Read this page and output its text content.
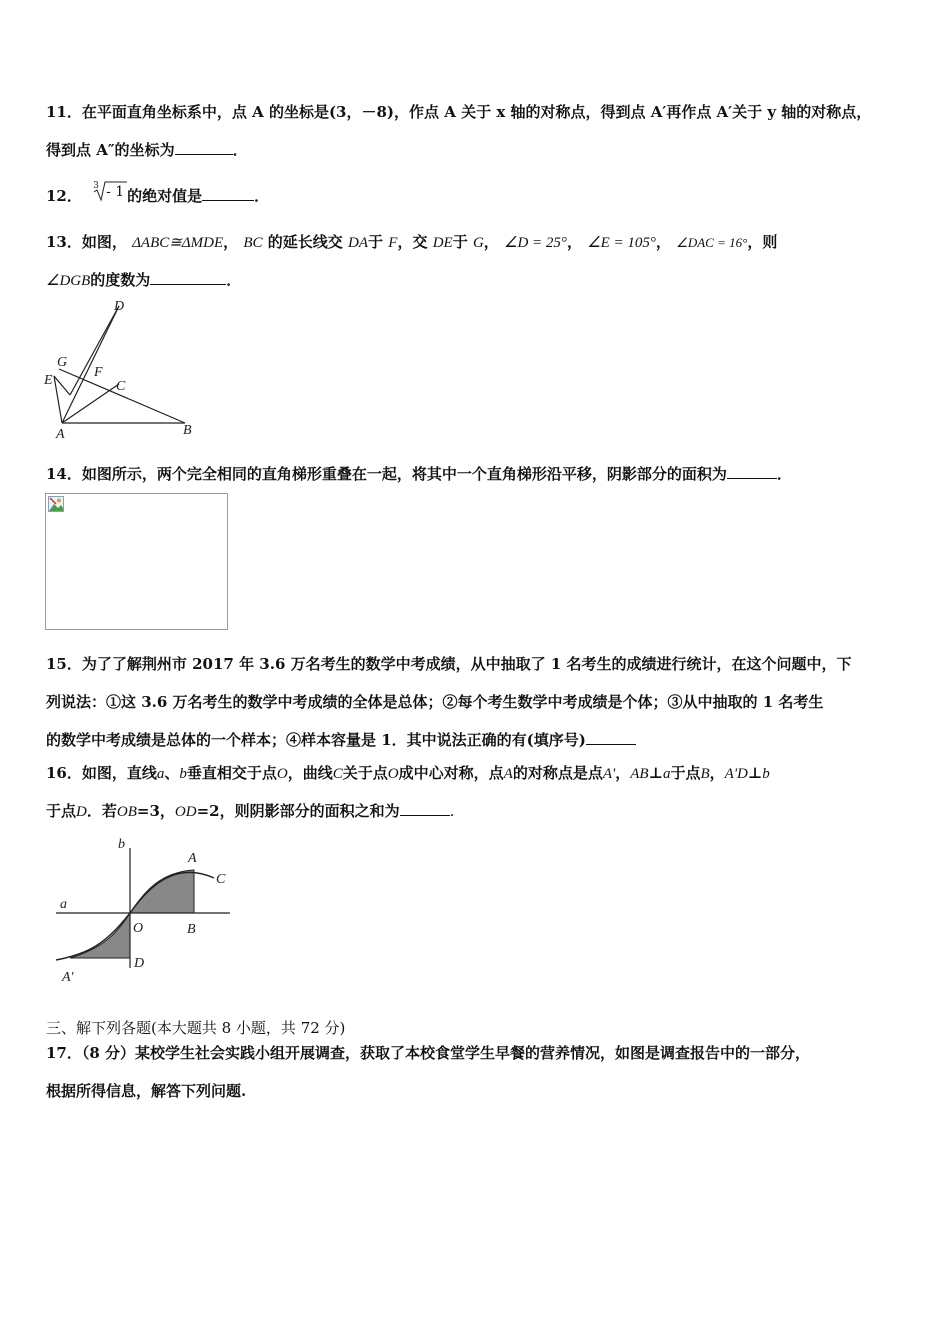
11．在平面直角坐标系中，点 A 的坐标是(3，－8)，作点 A 关于 x 轴的对称点，得到点 A′再作点 A′关于 y 轴的对称点，
得到点 A″的坐标为	．
12．
3 - 1 的绝对值是	．
13．如图， ΔABC≅ΔMDE， BC 的延长线交 DA于 F，交 DE于 G， ∠D = 25°， ∠E = 105°， ∠DAC = 16°，则
∠DGB的度数为	．
D
G
F
E	C
A	B
14．如图所示，两个完全相同的直角梯形重叠在一起，将其中一个直角梯形沿平移，阴影部分的面积为	．
15．为了了解荆州市 2017 年 3.6 万名考生的数学中考成绩，从中抽取了 1 名考生的成绩进行统计，在这个问题中，下
列说法：①这 3.6 万名考生的数学中考成绩的全体是总体；②每个考生数学中考成绩是个体；③从中抽取的 1 名考生
的数学中考成绩是总体的一个样本；④样本容量是 1．其中说法正确的有(填序号)
16．如图，直线a、b垂直相交于点O，曲线C关于点O成中心对称，点A的对称点是点A'，AB⊥a于点B，A'D⊥b
于点D．若OB=3，OD=2，则阴影部分的面积之和为	.
b
A
C
a
O	B
D
A′
三、解下列各题(本大题共 8 小题，共 72 分)
17．（8 分）某校学生社会实践小组开展调查，获取了本校食堂学生早餐的营养情况，如图是调查报告中的一部分，
根据所得信息，解答下列问题.
